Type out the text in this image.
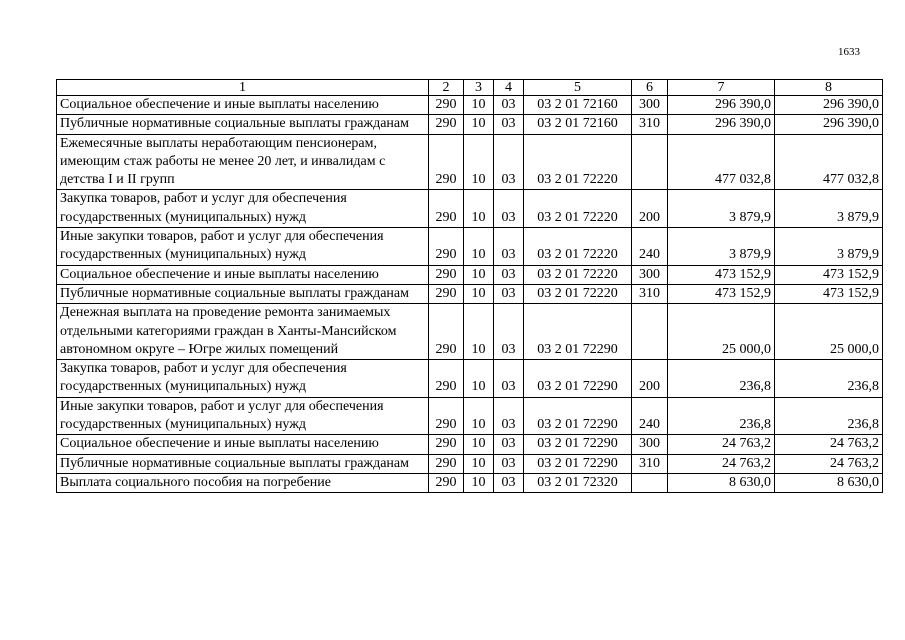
1633
1	2	3	4	5	6	7	8
Социальное обеспечение и иные выплаты населению	290	10	03	03 2 01 72160	300	296 390,0	296 390,0
Публичные нормативные социальные выплаты гражданам	290	10	03	03 2 01 72160	310	296 390,0	296 390,0
Ежемесячные выплаты неработающим пенсионерам, имеющим стаж работы не менее 20 лет, и инвалидам с детства I и II групп	290	10	03	03 2 01 72220		477 032,8	477 032,8
Закупка товаров, работ и услуг для обеспечения государственных (муниципальных) нужд	290	10	03	03 2 01 72220	200	3 879,9	3 879,9
Иные закупки товаров, работ и услуг для обеспечения государственных (муниципальных) нужд	290	10	03	03 2 01 72220	240	3 879,9	3 879,9
Социальное обеспечение и иные выплаты населению	290	10	03	03 2 01 72220	300	473 152,9	473 152,9
Публичные нормативные социальные выплаты гражданам	290	10	03	03 2 01 72220	310	473 152,9	473 152,9
Денежная выплата на проведение ремонта занимаемых отдельными категориями граждан в Ханты-Мансийском автономном округе – Югре жилых помещений	290	10	03	03 2 01 72290		25 000,0	25 000,0
Закупка товаров, работ и услуг для обеспечения государственных (муниципальных) нужд	290	10	03	03 2 01 72290	200	236,8	236,8
Иные закупки товаров, работ и услуг для обеспечения государственных (муниципальных) нужд	290	10	03	03 2 01 72290	240	236,8	236,8
Социальное обеспечение и иные выплаты населению	290	10	03	03 2 01 72290	300	24 763,2	24 763,2
Публичные нормативные социальные выплаты гражданам	290	10	03	03 2 01 72290	310	24 763,2	24 763,2
Выплата социального пособия на погребение	290	10	03	03 2 01 72320		8 630,0	8 630,0
